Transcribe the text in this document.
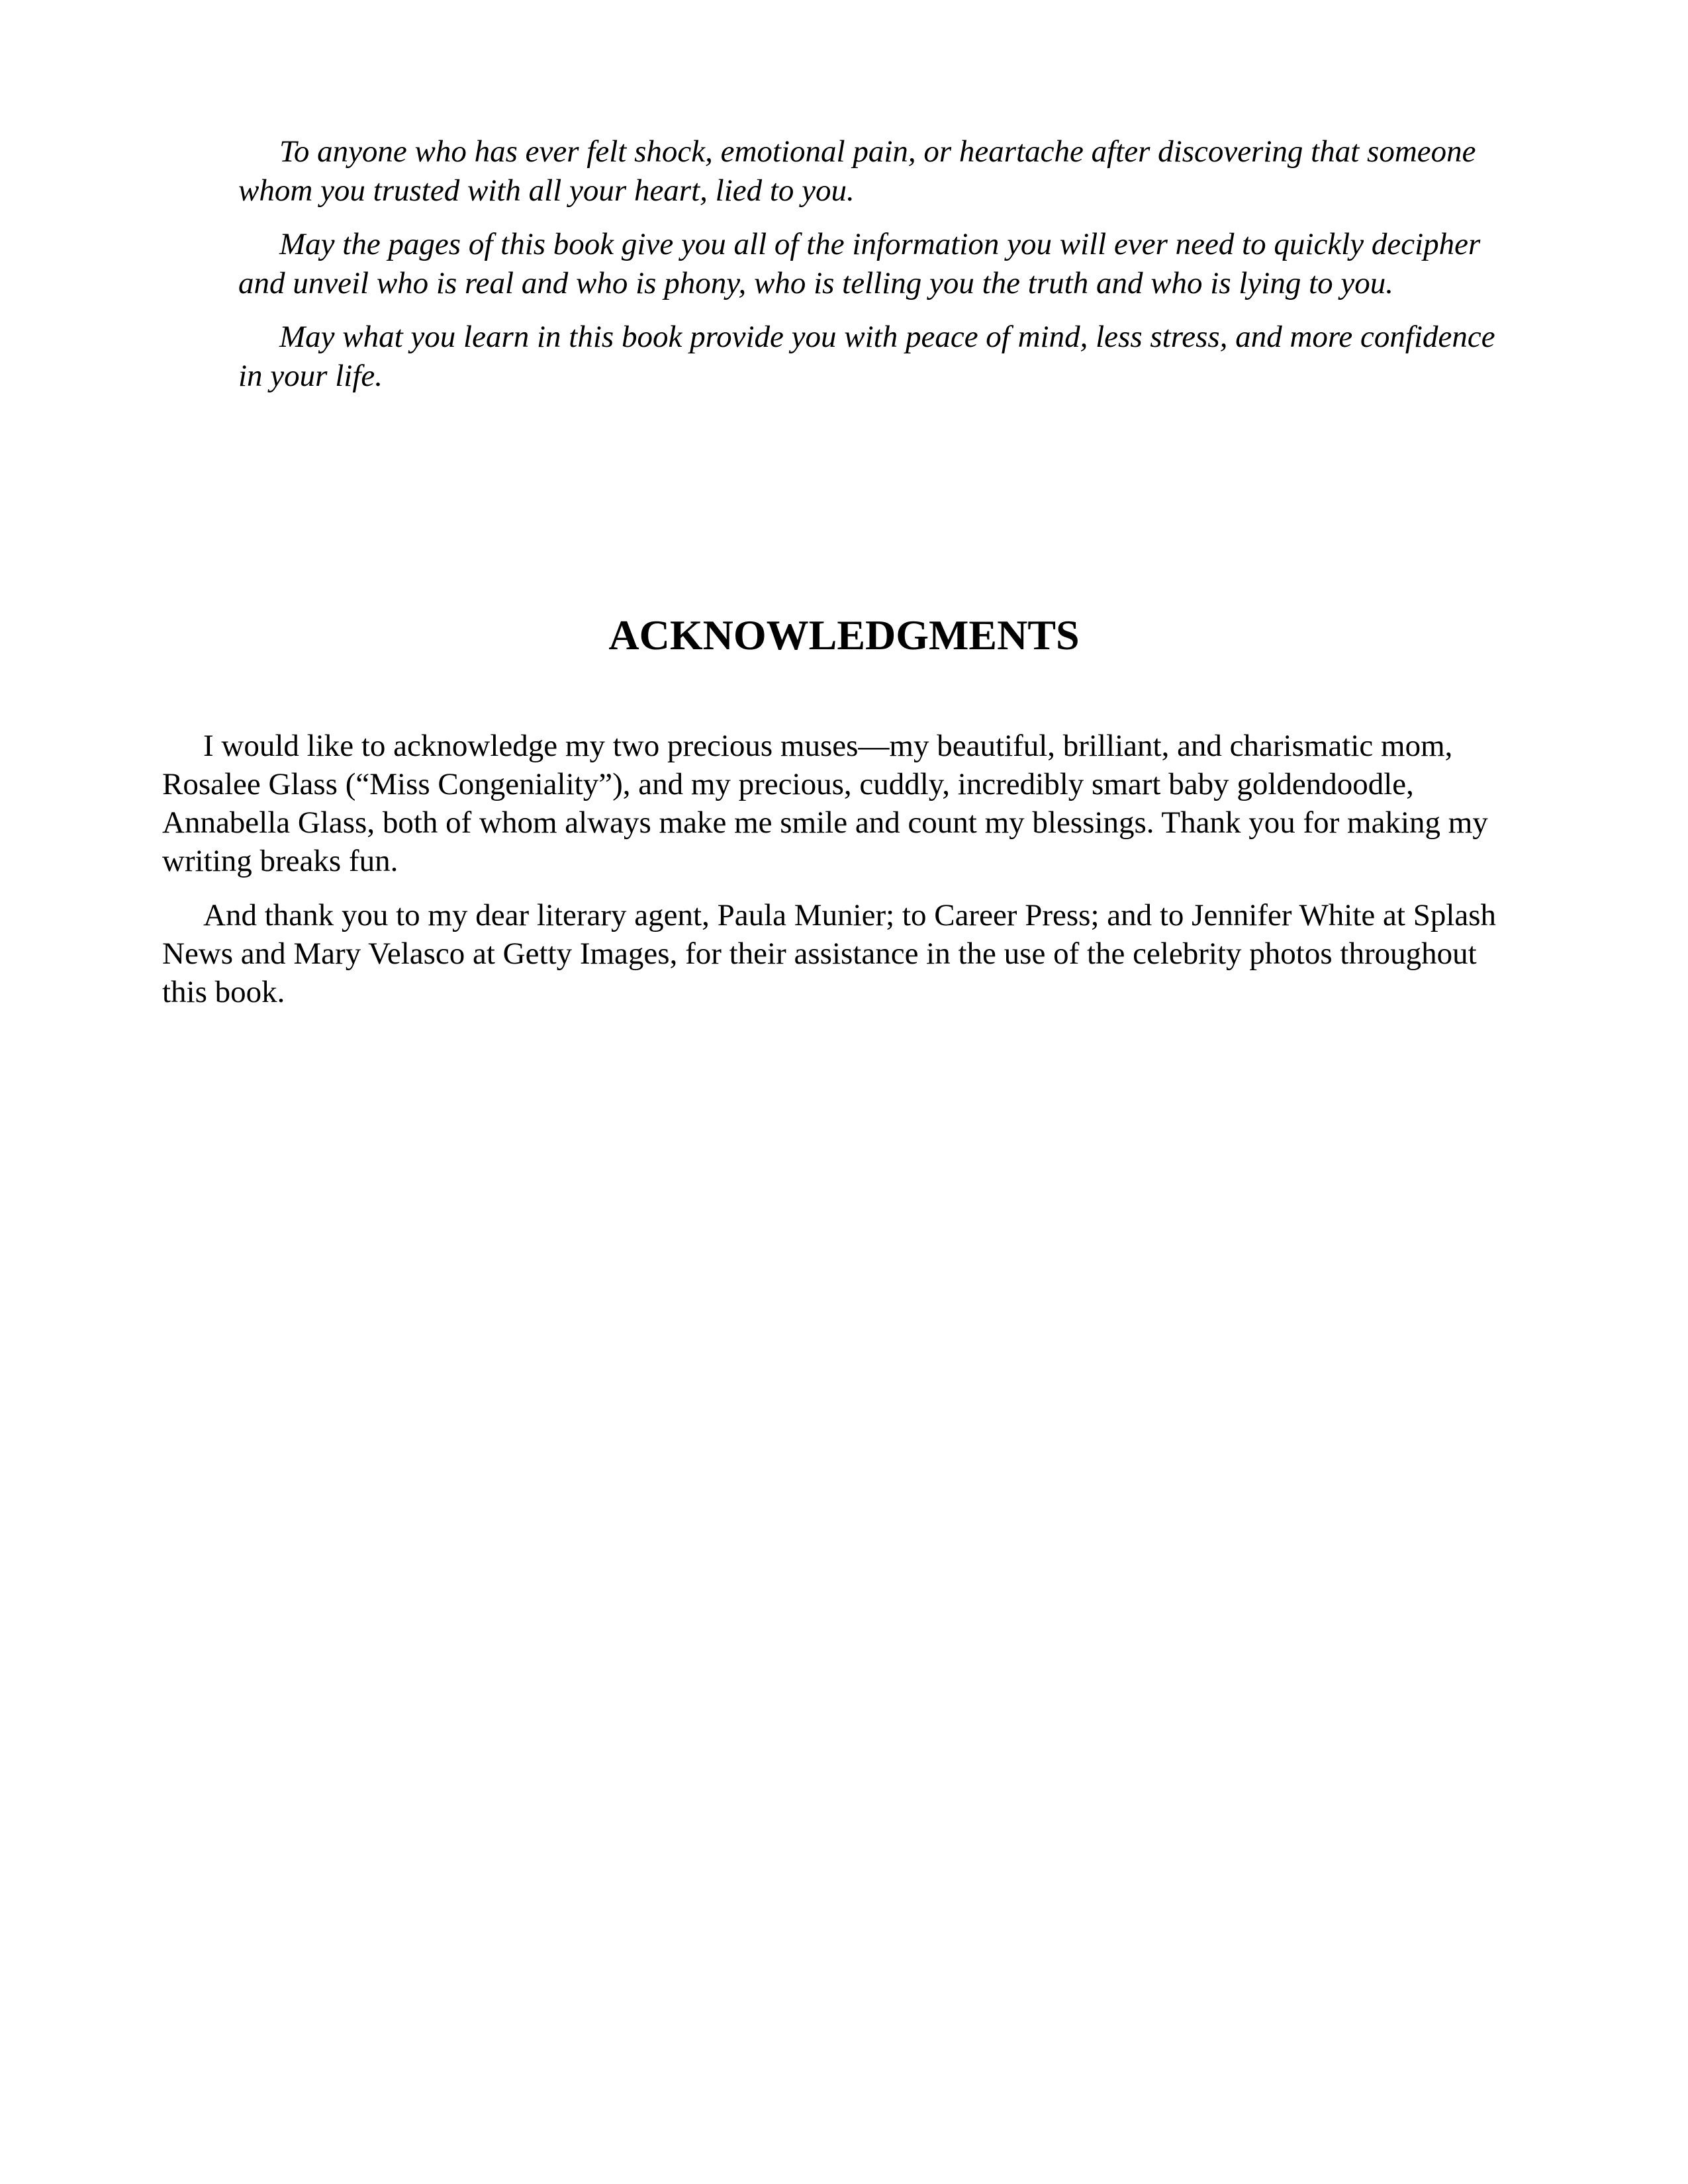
To anyone who has ever felt shock, emotional pain, or heartache after discovering that someone whom you trusted with all your heart, lied to you.

May the pages of this book give you all of the information you will ever need to quickly decipher and unveil who is real and who is phony, who is telling you the truth and who is lying to you.

May what you learn in this book provide you with peace of mind, less stress, and more confidence in your life.

ACKNOWLEDGMENTS

I would like to acknowledge my two precious muses—my beautiful, brilliant, and charismatic mom, Rosalee Glass (“Miss Congeniality”), and my precious, cuddly, incredibly smart baby goldendoodle, Annabella Glass, both of whom always make me smile and count my blessings. Thank you for making my writing breaks fun.

And thank you to my dear literary agent, Paula Munier; to Career Press; and to Jennifer White at Splash News and Mary Velasco at Getty Images, for their assistance in the use of the celebrity photos throughout this book.
